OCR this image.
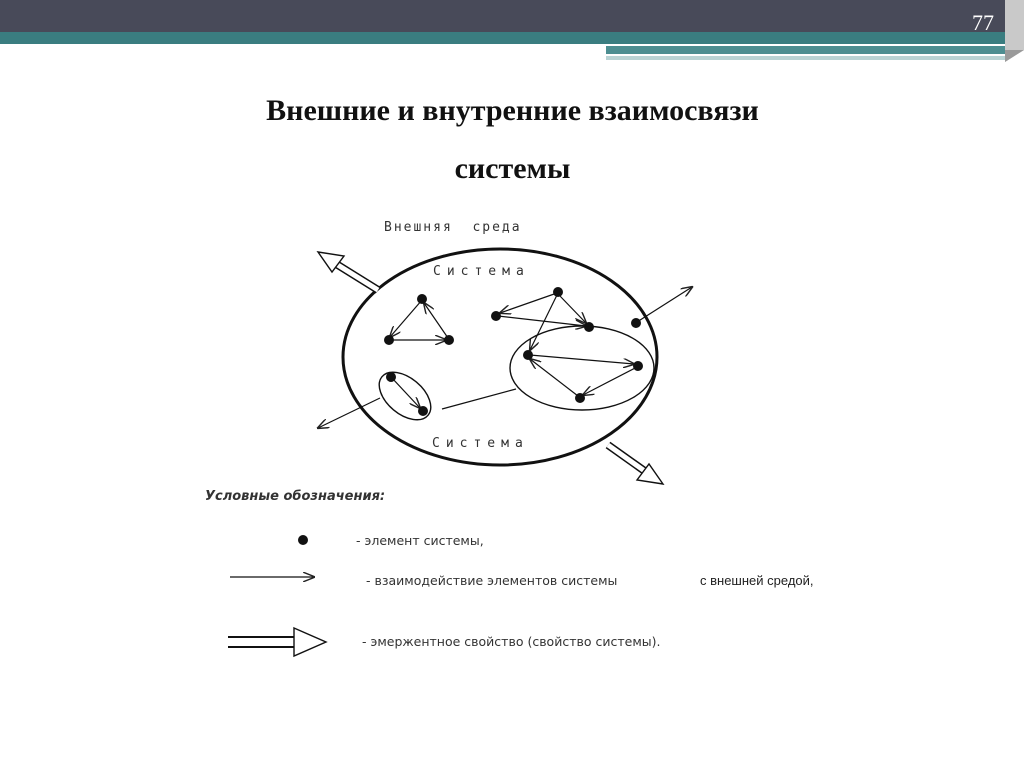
77
Внешние и внутренние взаимосвязи
системы
Внешняя  среда
Система
Система
Условные обозначения:
- элемент системы,
- взаимодействие элементов системы	с внешней средой,
- эмержентное свойство (свойство системы).
